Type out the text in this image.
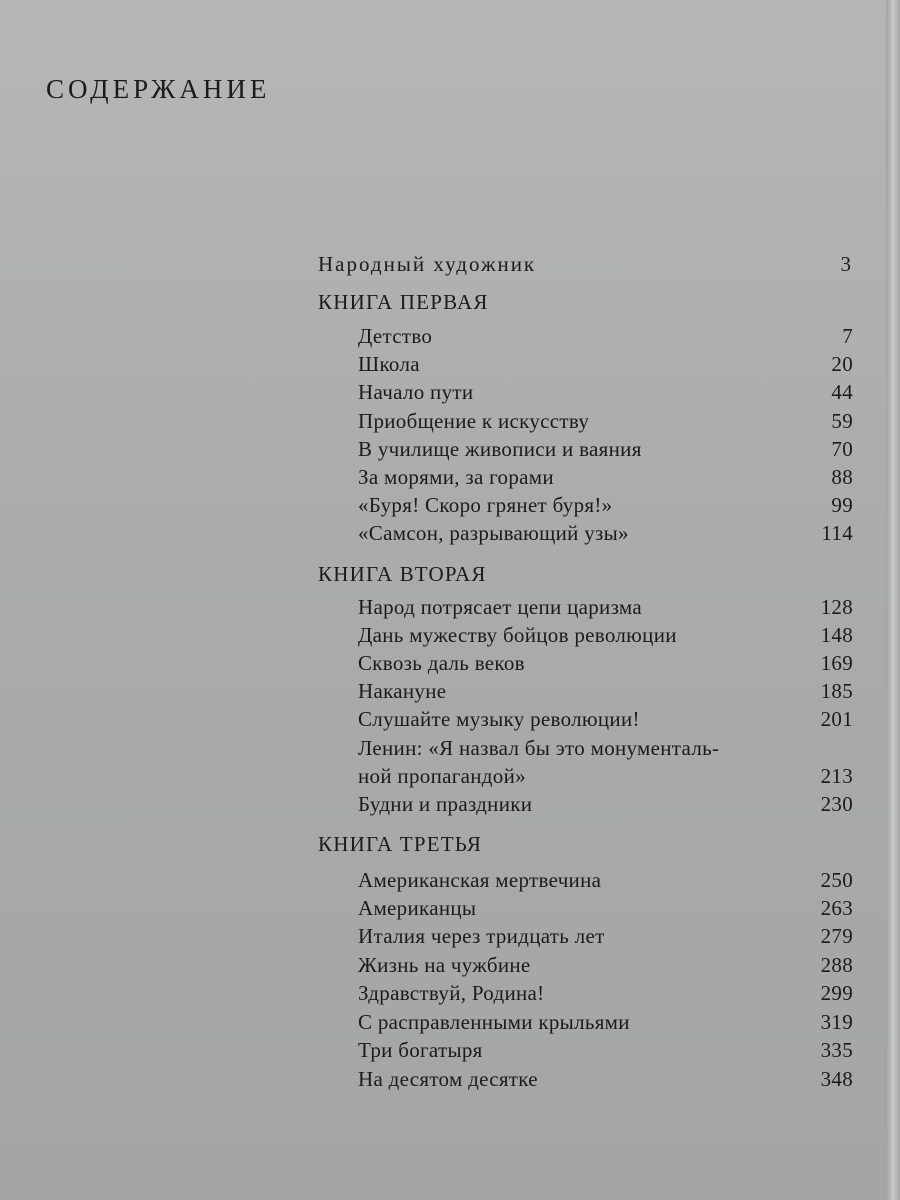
СОДЕРЖАНИЕ
Народный художник	3
КНИГА ПЕРВАЯ
Детство	7
Школа	20
Начало пути	44
Приобщение к искусству	59
В училище живописи и ваяния	70
За морями, за горами	88
«Буря! Скоро грянет буря!»	99
«Самсон, разрывающий узы»	114
КНИГА ВТОРАЯ
Народ потрясает цепи царизма	128
Дань мужеству бойцов революции	148
Сквозь даль веков	169
Накануне	185
Слушайте музыку революции!	201
Ленин: «Я назвал бы это монументаль-
ной пропагандой»	213
Будни и праздники	230
КНИГА ТРЕТЬЯ
Американская мертвечина	250
Американцы	263
Италия через тридцать лет	279
Жизнь на чужбине	288
Здравствуй, Родина!	299
С расправленными крыльями	319
Три богатыря	335
На десятом десятке	348
